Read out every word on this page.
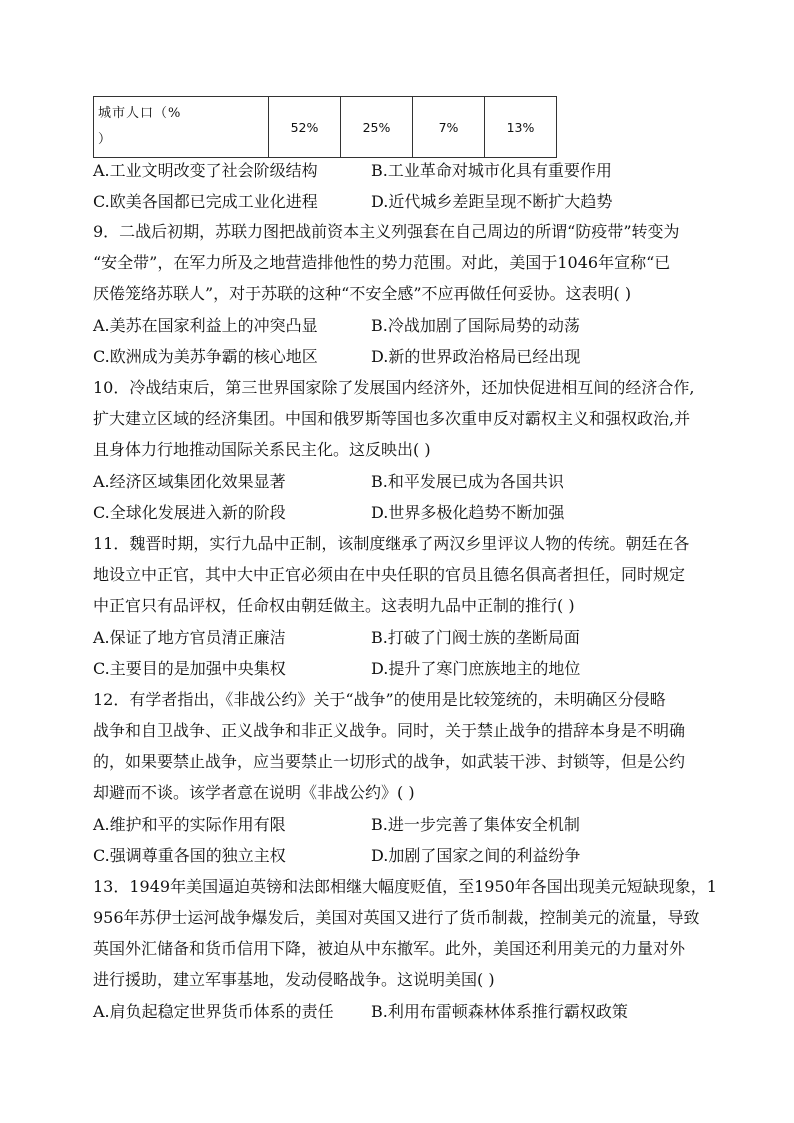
城市人口（%
）	52%	25%	7%	13%
A.工业文明改变了社会阶级结构	B.工业革命对城市化具有重要作用
C.欧美各国都已完成工业化进程	D.近代城乡差距呈现不断扩大趋势
9．二战后初期，苏联力图把战前资本主义列强套在自己周边的所谓“防疫带”转变为
“安全带”，在军力所及之地营造排他性的势力范围。对此，美国于1046年宣称“已
厌倦笼络苏联人”，对于苏联的这种“不安全感”不应再做任何妥协。这表明( )
A.美苏在国家利益上的冲突凸显	B.冷战加剧了国际局势的动荡
C.欧洲成为美苏争霸的核心地区	D.新的世界政治格局已经出现
10．冷战结束后，第三世界国家除了发展国内经济外，还加快促进相互间的经济合作,
扩大建立区域的经济集团。中国和俄罗斯等国也多次重申反对霸权主义和强权政治,并
且身体力行地推动国际关系民主化。这反映出( )
A.经济区域集团化效果显著	B.和平发展已成为各国共识
C.全球化发展进入新的阶段	D.世界多极化趋势不断加强
11．魏晋时期，实行九品中正制，该制度继承了两汉乡里评议人物的传统。朝廷在各
地设立中正官，其中大中正官必须由在中央任职的官员且德名俱高者担任，同时规定
中正官只有品评权，任命权由朝廷做主。这表明九品中正制的推行( )
A.保证了地方官员清正廉洁	B.打破了门阀士族的垄断局面
C.主要目的是加强中央集权	D.提升了寒门庶族地主的地位
12．有学者指出，《非战公约》关于“战争”的使用是比较笼统的，未明确区分侵略
战争和自卫战争、正义战争和非正义战争。同时，关于禁止战争的措辞本身是不明确
的，如果要禁止战争，应当要禁止一切形式的战争，如武装干涉、封锁等，但是公约
却避而不谈。该学者意在说明《非战公约》( )
A.维护和平的实际作用有限	B.进一步完善了集体安全机制
C.强调尊重各国的独立主权	D.加剧了国家之间的利益纷争
13．1949年美国逼迫英镑和法郎相继大幅度贬值，至1950年各国出现美元短缺现象，1
956年苏伊士运河战争爆发后，美国对英国又进行了货币制裁，控制美元的流量，导致
英国外汇储备和货币信用下降，被迫从中东撤军。此外，美国还利用美元的力量对外
进行援助，建立军事基地，发动侵略战争。这说明美国( )
A.肩负起稳定世界货币体系的责任 B.利用布雷顿森林体系推行霸权政策
